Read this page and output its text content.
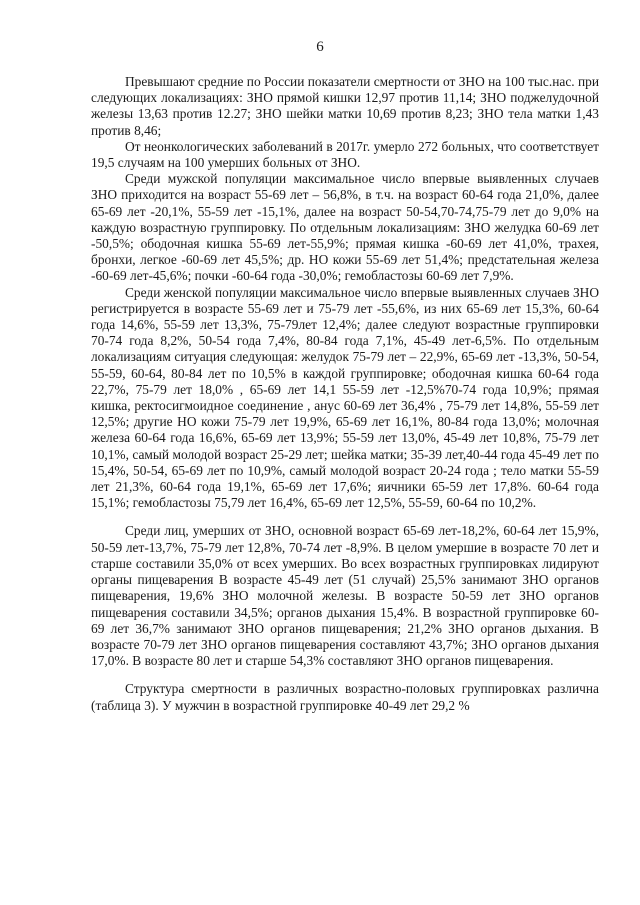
6

Превышают средние по России показатели смертности от ЗНО на 100 тыс.нас. при следующих локализациях: ЗНО прямой кишки 12,97 против 11,14; ЗНО поджелудочной железы 13,63 против 12.27; ЗНО шейки матки 10,69 против 8,23; ЗНО тела матки 1,43 против 8,46;

От неонкологических заболеваний в 2017г. умерло 272 больных, что соответствует 19,5 случаям на 100 умерших больных от ЗНО.

Среди мужской популяции максимальное число впервые выявленных случаев ЗНО приходится на возраст 55-69 лет – 56,8%, в т.ч. на возраст 60-64 года 21,0%, далее 65-69 лет -20,1%, 55-59 лет -15,1%, далее на возраст 50-54,70-74,75-79 лет до 9,0% на каждую возрастную группировку. По отдельным локализациям: ЗНО желудка 60-69 лет -50,5%; ободочная кишка 55-69 лет-55,9%; прямая кишка -60-69 лет 41,0%, трахея, бронхи, легкое -60-69 лет 45,5%; др. НО кожи 55-69 лет 51,4%; предстательная железа -60-69 лет-45,6%; почки -60-64 года -30,0%; гемобластозы 60-69 лет 7,9%.

Среди женской популяции максимальное число впервые выявленных случаев ЗНО регистрируется в возрасте 55-69 лет и 75-79 лет -55,6%, из них 65-69 лет 15,3%, 60-64 года 14,6%, 55-59 лет 13,3%, 75-79лет 12,4%; далее следуют возрастные группировки 70-74 года 8,2%, 50-54 года 7,4%, 80-84 года 7,1%, 45-49 лет-6,5%. По отдельным локализациям ситуация следующая: желудок 75-79 лет – 22,9%, 65-69 лет -13,3%, 50-54, 55-59, 60-64, 80-84 лет по 10,5% в каждой группировке; ободочная кишка 60-64 года 22,7%, 75-79 лет 18,0% , 65-69 лет 14,1 55-59 лет -12,5%70-74 года 10,9%; прямая кишка, ректосигмоидное соединение , анус 60-69 лет 36,4% , 75-79 лет 14,8%, 55-59 лет 12,5%; другие НО кожи 75-79 лет 19,9%, 65-69 лет 16,1%, 80-84 года 13,0%; молочная железа 60-64 года 16,6%, 65-69 лет 13,9%; 55-59 лет 13,0%, 45-49 лет 10,8%, 75-79 лет 10,1%, самый молодой возраст 25-29 лет; шейка матки; 35-39 лет,40-44 года 45-49 лет по 15,4%, 50-54, 65-69 лет по 10,9%, самый молодой возраст 20-24 года ; тело матки 55-59 лет 21,3%, 60-64 года 19,1%, 65-69 лет 17,6%; яичники 65-59 лет 17,8%. 60-64 года 15,1%; гемобластозы 75,79 лет 16,4%, 65-69 лет 12,5%, 55-59, 60-64 по 10,2%.

Среди лиц, умерших от ЗНО, основной возраст 65-69 лет-18,2%, 60-64 лет 15,9%, 50-59 лет-13,7%, 75-79 лет 12,8%, 70-74 лет -8,9%. В целом умершие в возрасте 70 лет и старше составили 35,0% от всех умерших. Во всех возрастных группировках лидируют органы пищеварения В возрасте 45-49 лет (51 случай) 25,5% занимают ЗНО органов пищеварения, 19,6% ЗНО молочной железы. В возрасте 50-59 лет ЗНО органов пищеварения составили 34,5%; органов дыхания 15,4%. В возрастной группировке 60-69 лет 36,7% занимают ЗНО органов пищеварения; 21,2% ЗНО органов дыхания. В возрасте 70-79 лет ЗНО органов пищеварения составляют 43,7%; ЗНО органов дыхания 17,0%. В возрасте 80 лет и старше 54,3% составляют ЗНО органов пищеварения.

Структура смертности в различных возрастно-половых группировках различна (таблица 3). У мужчин в возрастной группировке 40-49 лет 29,2 %
